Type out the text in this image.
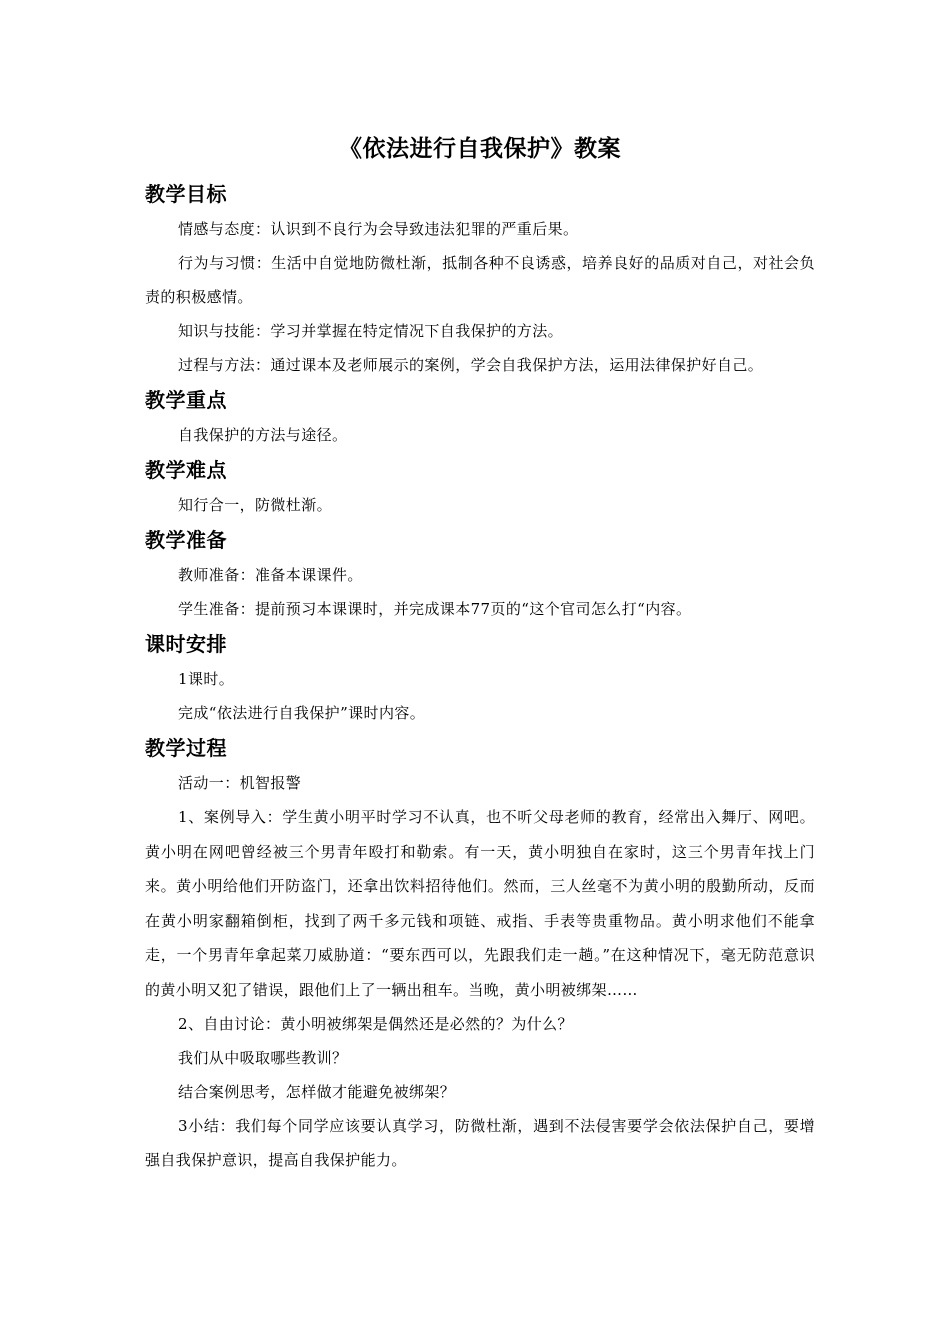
《依法进行自我保护》教案
教学目标

情感与态度：认识到不良行为会导致违法犯罪的严重后果。

行为与习惯：生活中自觉地防微杜渐，抵制各种不良诱惑，培养良好的品质对自己，对社会负责的积极感情。

知识与技能：学习并掌握在特定情况下自我保护的方法。

过程与方法：通过课本及老师展示的案例，学会自我保护方法，运用法律保护好自己。

教学重点

自我保护的方法与途径。

教学难点

知行合一，防微杜渐。

教学准备

教师准备：准备本课课件。

学生准备：提前预习本课课时，并完成课本77页的“这个官司怎么打“内容。

课时安排

1课时。

完成“依法进行自我保护”课时内容。

教学过程

活动一：机智报警

1、案例导入：学生黄小明平时学习不认真，也不听父母老师的教育，经常出入舞厅、网吧。黄小明在网吧曾经被三个男青年殴打和勒索。有一天，黄小明独自在家时，这三个男青年找上门来。黄小明给他们开防盗门，还拿出饮料招待他们。然而，三人丝毫不为黄小明的殷勤所动，反而在黄小明家翻箱倒柜，找到了两千多元钱和项链、戒指、手表等贵重物品。黄小明求他们不能拿走，一个男青年拿起菜刀威胁道：“要东西可以，先跟我们走一趟。”在这种情况下，毫无防范意识的黄小明又犯了错误，跟他们上了一辆出租车。当晚，黄小明被绑架……

2、自由讨论：黄小明被绑架是偶然还是必然的？为什么？

我们从中吸取哪些教训？

结合案例思考，怎样做才能避免被绑架？

3小结：我们每个同学应该要认真学习，防微杜渐，遇到不法侵害要学会依法保护自己，要增强自我保护意识，提高自我保护能力。
